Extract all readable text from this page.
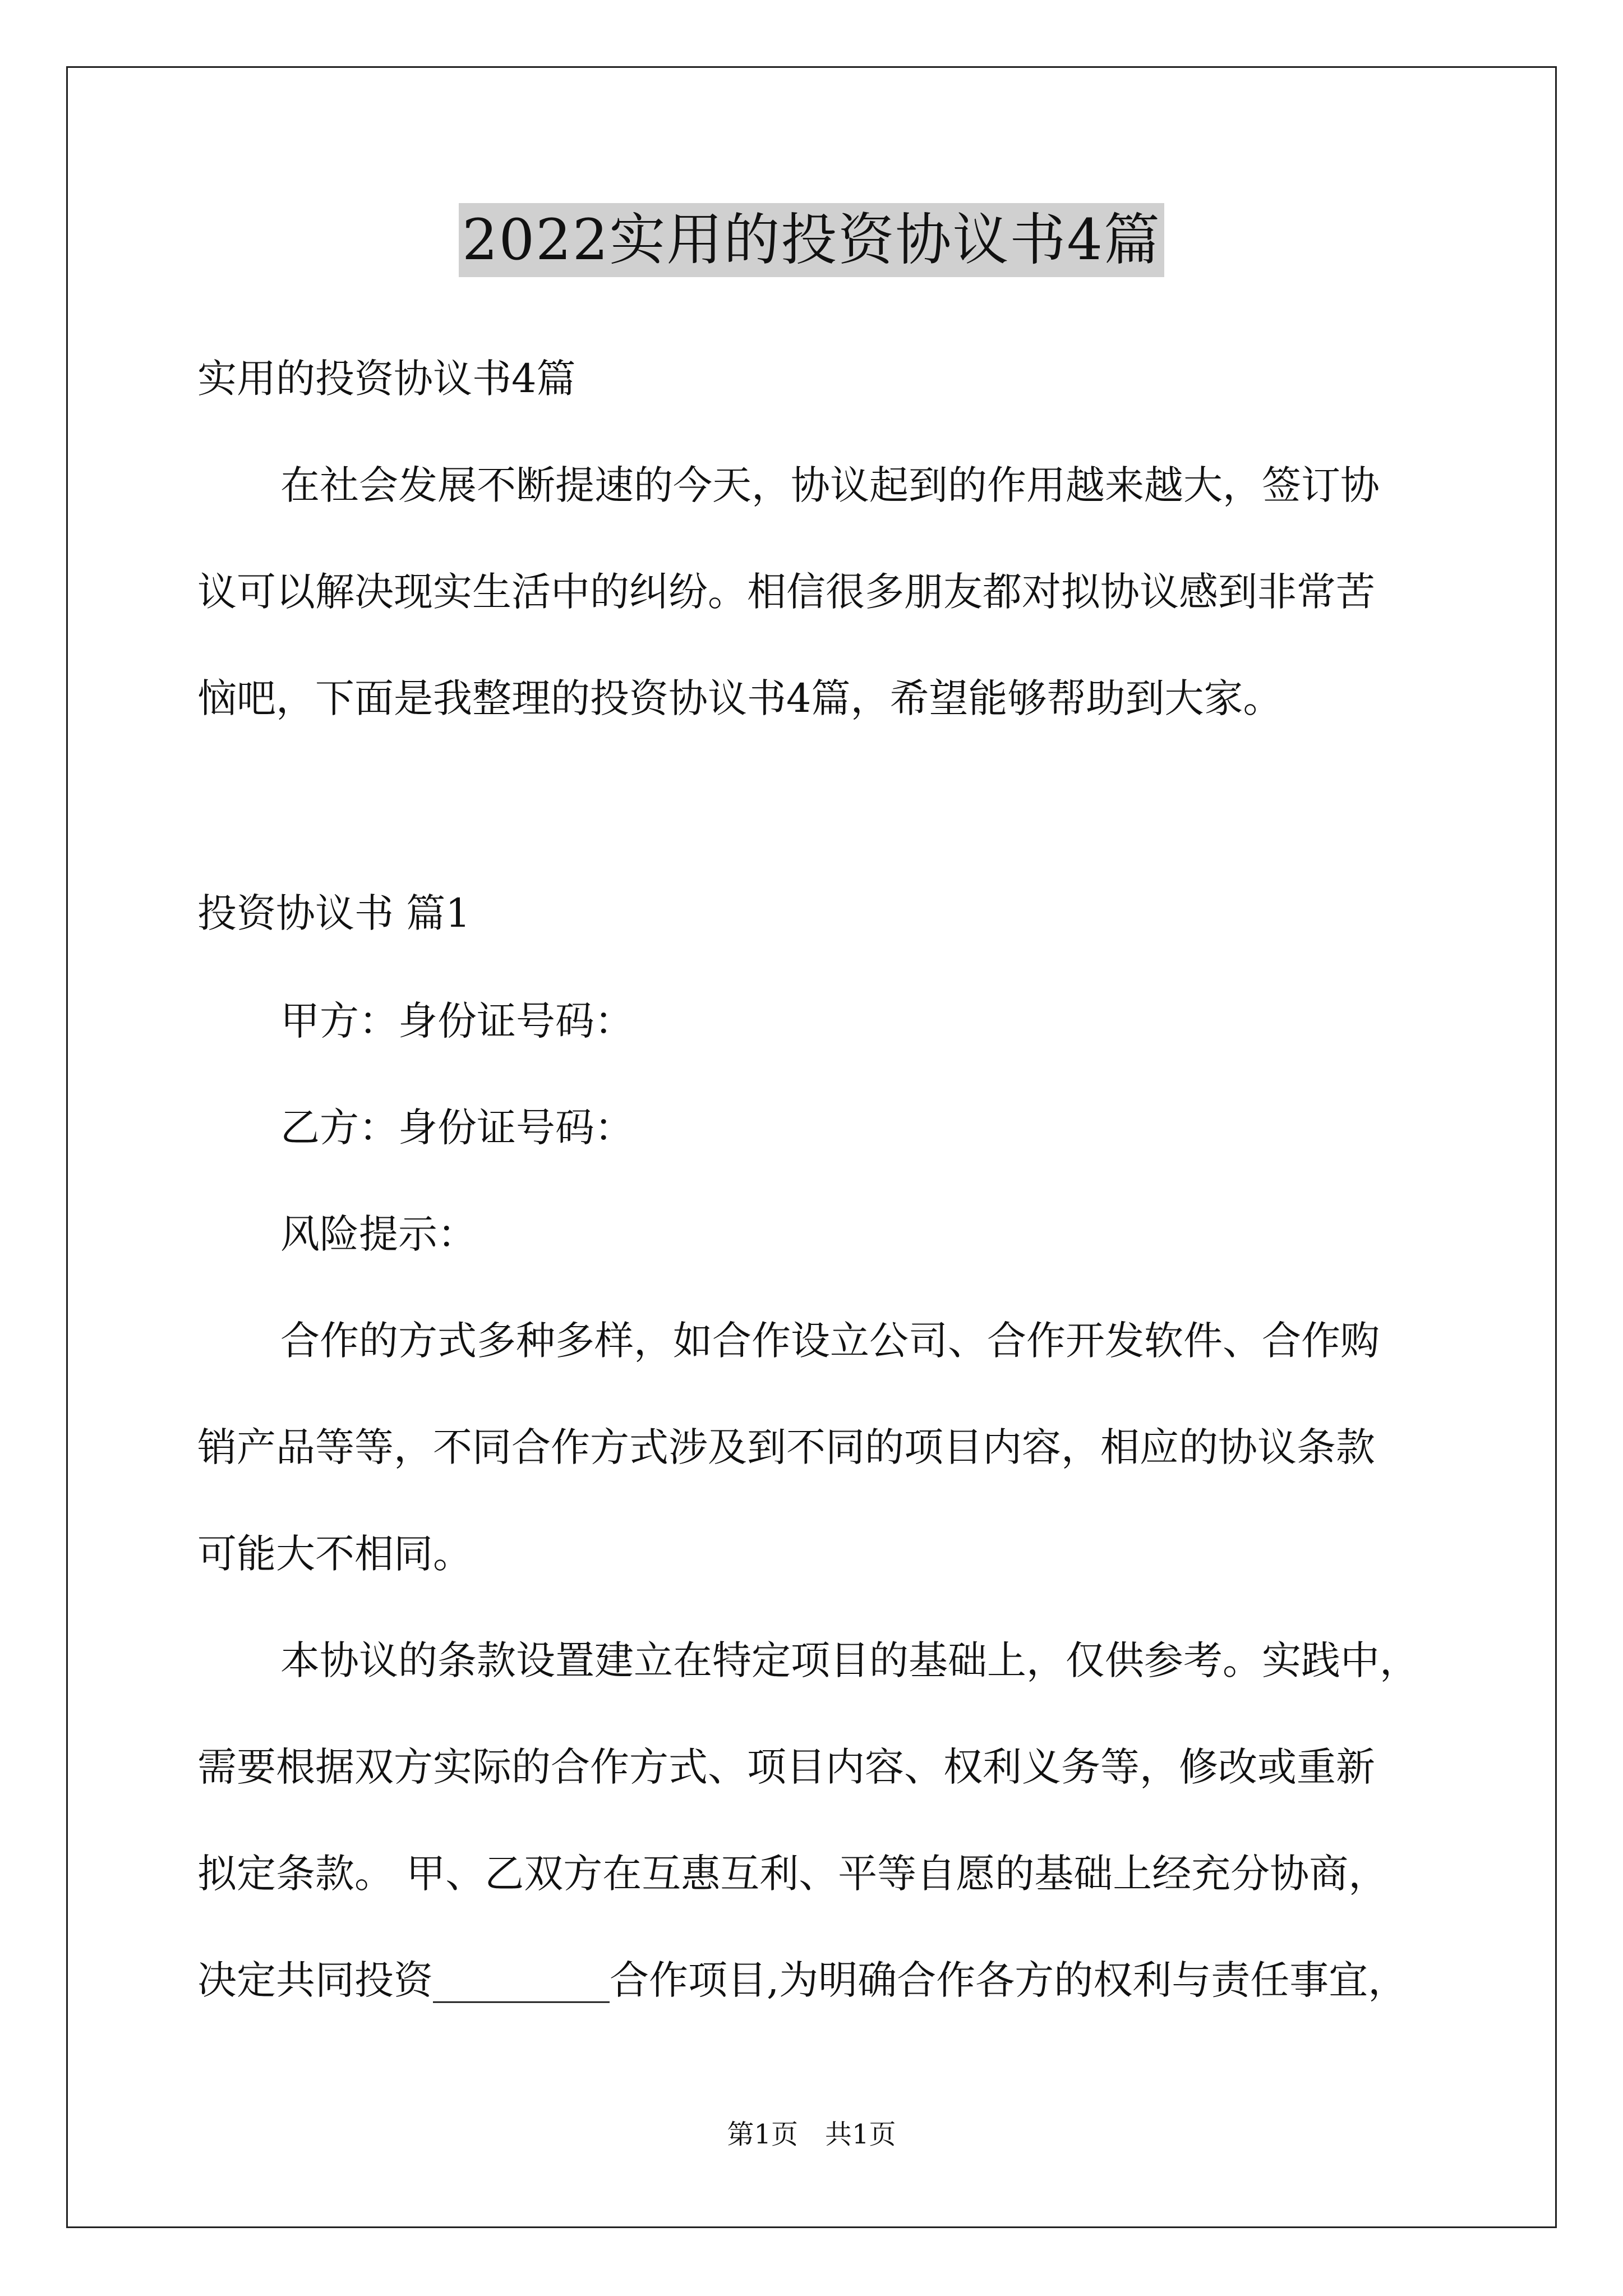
2022实用的投资协议书4篇
实用的投资协议书4篇
在社会发展不断提速的今天，协议起到的作用越来越大，签订协
议可以解决现实生活中的纠纷。相信很多朋友都对拟协议感到非常苦
恼吧，下面是我整理的投资协议书4篇，希望能够帮助到大家。
投资协议书 篇1
甲方：身份证号码：
乙方：身份证号码：
风险提示：
合作的方式多种多样，如合作设立公司、合作开发软件、合作购
销产品等等，不同合作方式涉及到不同的项目内容，相应的协议条款
可能大不相同。
本协议的条款设置建立在特定项目的基础上，仅供参考。实践中，
需要根据双方实际的合作方式、项目内容、权利义务等，修改或重新
拟定条款。 甲、乙双方在互惠互利、平等自愿的基础上经充分协商，
决定共同投资_________合作项目,为明确合作各方的权利与责任事宜，
第1页　共1页
